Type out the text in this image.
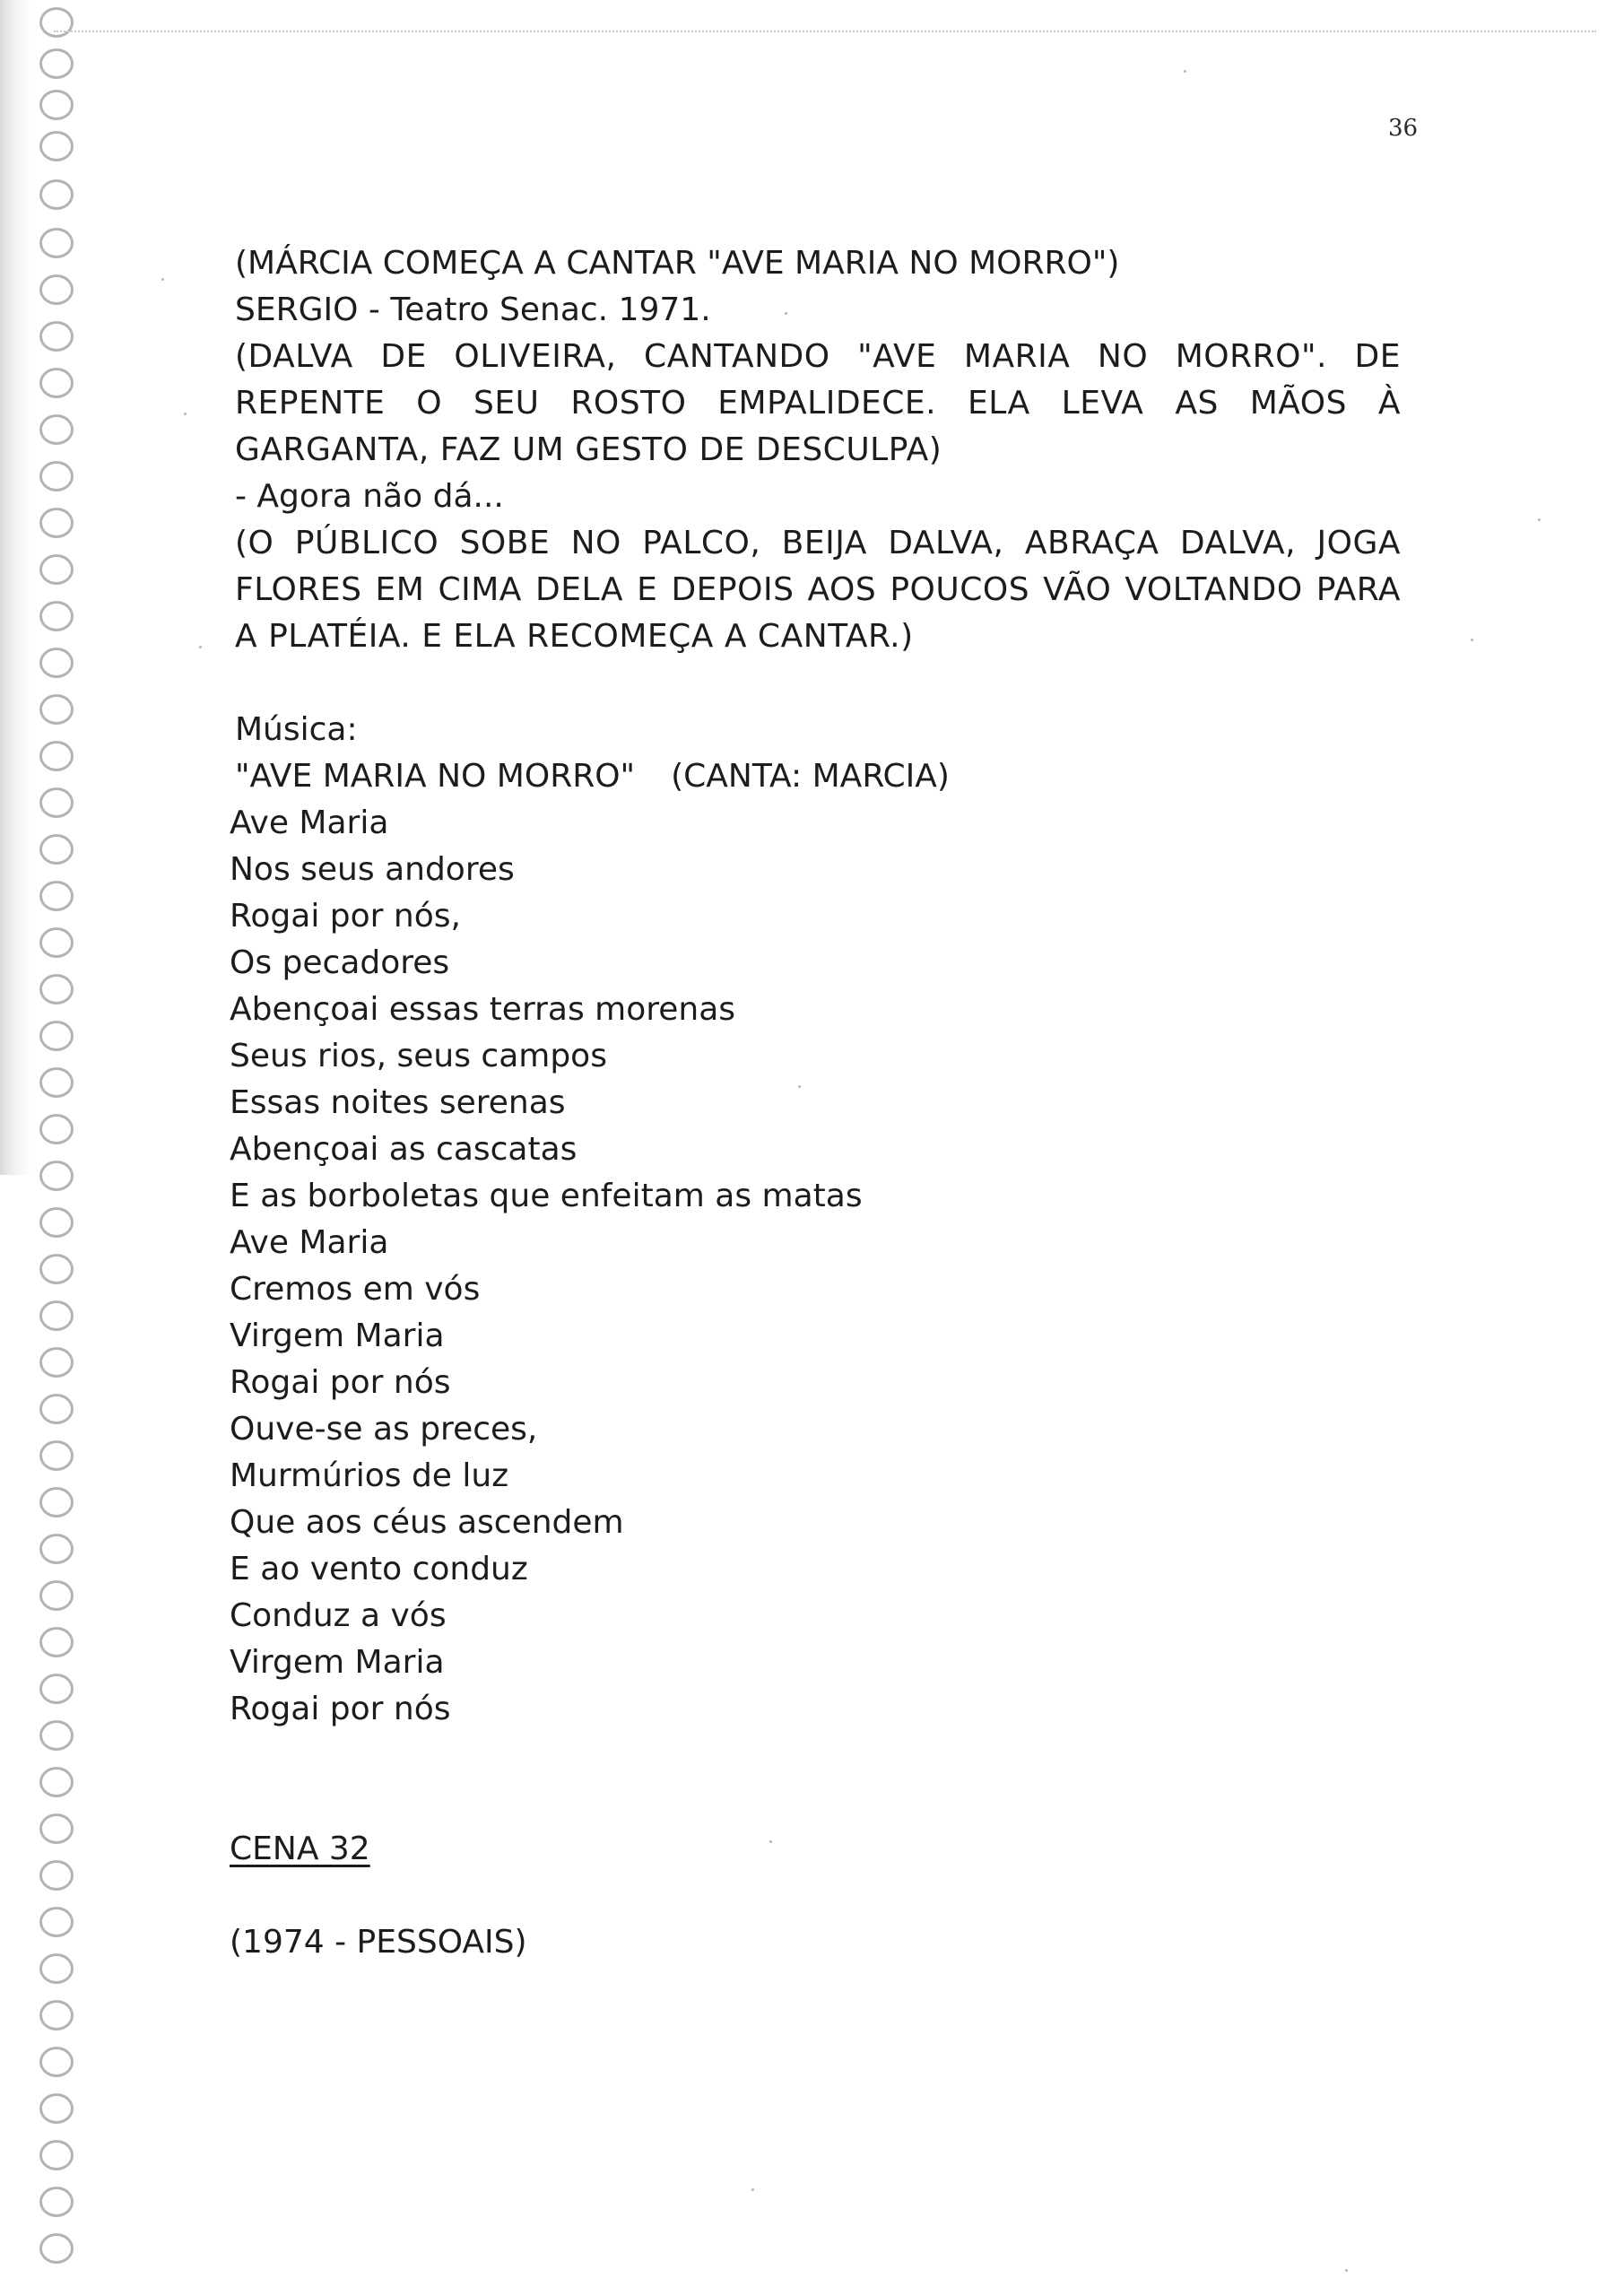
36
(MÁRCIA COMEÇA A CANTAR "AVE MARIA NO MORRO")
SERGIO - Teatro Senac. 1971.
(DALVA DE OLIVEIRA, CANTANDO "AVE MARIA NO MORRO". DE REPENTE O SEU ROSTO EMPALIDECE. ELA LEVA AS MÃOS À GARGANTA, FAZ UM GESTO DE DESCULPA)
- Agora não dá...
(O PÚBLICO SOBE NO PALCO, BEIJA DALVA, ABRAÇA DALVA, JOGA FLORES EM CIMA DELA E DEPOIS AOS POUCOS VÃO VOLTANDO PARA A PLATÉIA. E ELA RECOMEÇA A CANTAR.)
Música:
"AVE MARIA NO MORRO" (CANTA: MARCIA)
Ave Maria
Nos seus andores
Rogai por nós,
Os pecadores
Abençoai essas terras morenas
Seus rios, seus campos
Essas noites serenas
Abençoai as cascatas
E as borboletas que enfeitam as matas
Ave Maria
Cremos em vós
Virgem Maria
Rogai por nós
Ouve-se as preces,
Murmúrios de luz
Que aos céus ascendem
E ao vento conduz
Conduz a vós
Virgem Maria
Rogai por nós
CENA 32
(1974 - PESSOAIS)
